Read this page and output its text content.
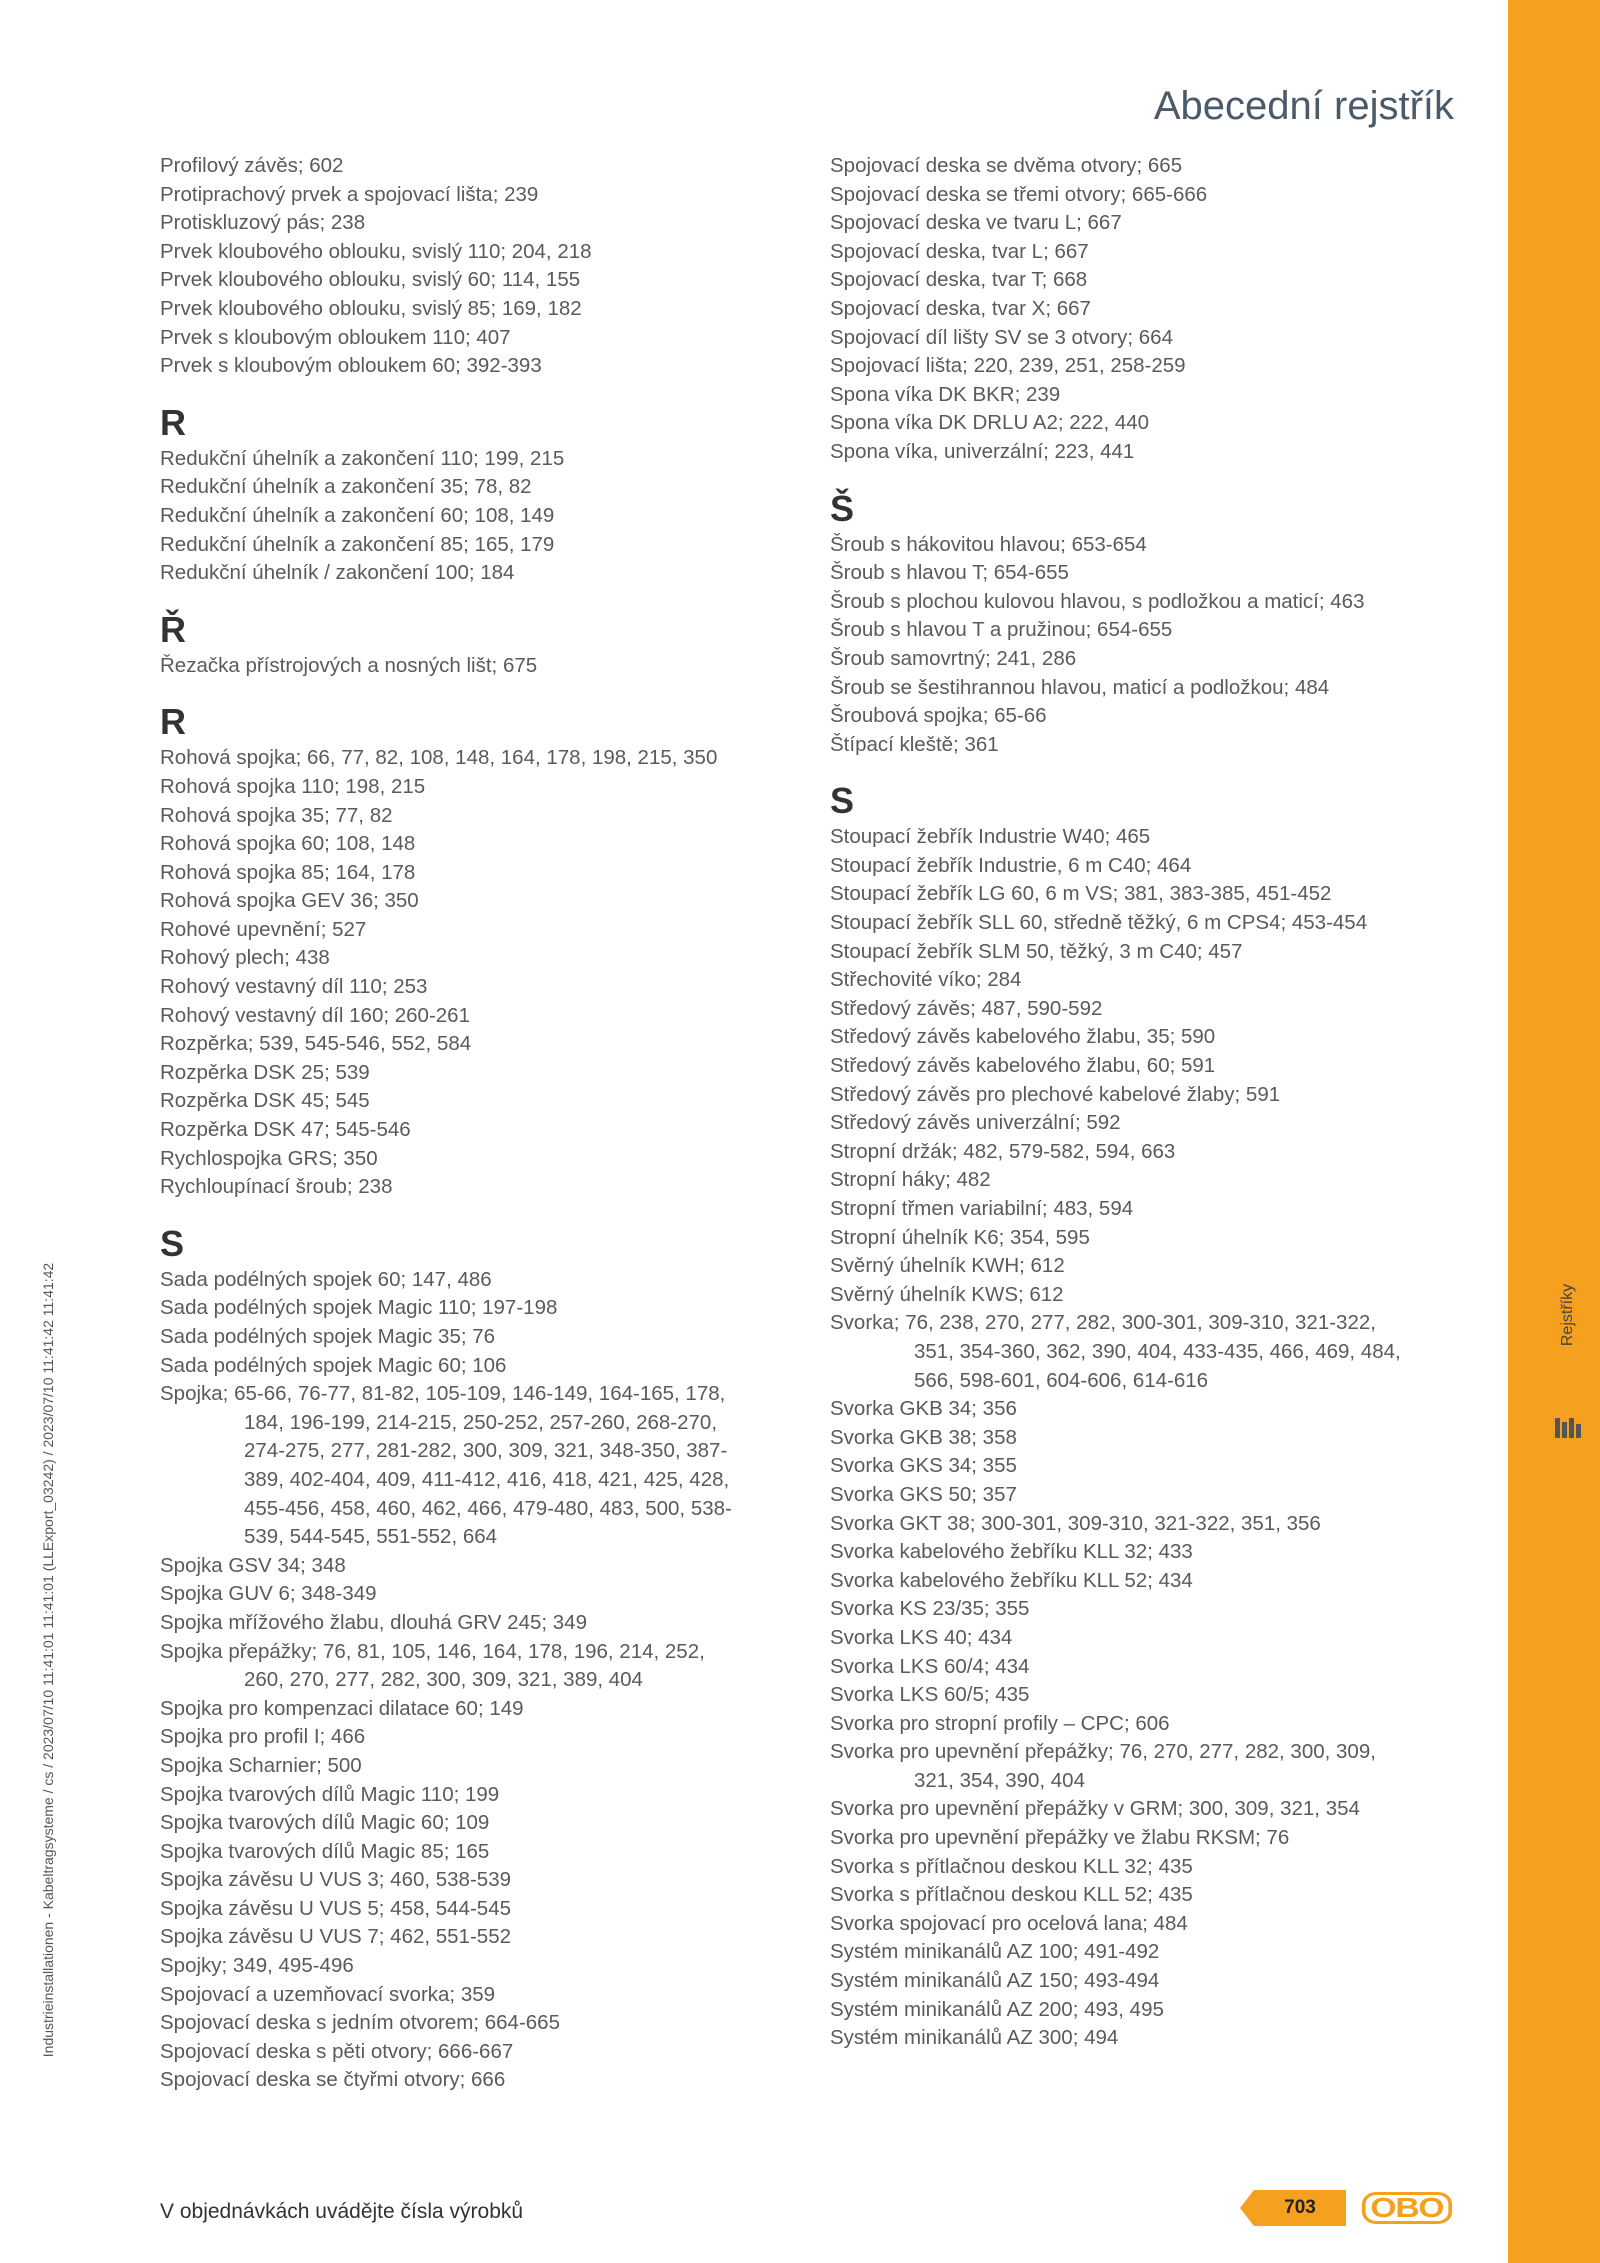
Rejstříky
Abecední rejstřík
Profilový závěs; 602
Protiprachový prvek a spojovací lišta; 239
Protiskluzový pás; 238
Prvek kloubového oblouku, svislý 110; 204, 218
Prvek kloubového oblouku, svislý 60; 114, 155
Prvek kloubového oblouku, svislý 85; 169, 182
Prvek s kloubovým obloukem 110; 407
Prvek s kloubovým obloukem 60; 392-393
R
Redukční úhelník a zakončení 110; 199, 215
Redukční úhelník a zakončení 35; 78, 82
Redukční úhelník a zakončení 60; 108, 149
Redukční úhelník a zakončení 85; 165, 179
Redukční úhelník / zakončení 100; 184
Ř
Řezačka přístrojových a nosných lišt; 675
R
Rohová spojka; 66, 77, 82, 108, 148, 164, 178, 198, 215, 350
Rohová spojka 110; 198, 215
Rohová spojka 35; 77, 82
Rohová spojka 60; 108, 148
Rohová spojka 85; 164, 178
Rohová spojka GEV 36; 350
Rohové upevnění; 527
Rohový plech; 438
Rohový vestavný díl 110; 253
Rohový vestavný díl 160; 260-261
Rozpěrka; 539, 545-546, 552, 584
Rozpěrka DSK 25; 539
Rozpěrka DSK 45; 545
Rozpěrka DSK 47; 545-546
Rychlospojka GRS; 350
Rychloupínací šroub; 238
S
Sada podélných spojek 60; 147, 486
Sada podélných spojek Magic 110; 197-198
Sada podélných spojek Magic 35; 76
Sada podélných spojek Magic 60; 106
Spojka; 65-66, 76-77, 81-82, 105-109, 146-149, 164-165, 178,
184, 196-199, 214-215, 250-252, 257-260, 268-270,
274-275, 277, 281-282, 300, 309, 321, 348-350, 387-
389, 402-404, 409, 411-412, 416, 418, 421, 425, 428,
455-456, 458, 460, 462, 466, 479-480, 483, 500, 538-
539, 544-545, 551-552, 664
Spojka GSV 34; 348
Spojka GUV 6; 348-349
Spojka mřížového žlabu, dlouhá GRV 245; 349
Spojka přepážky; 76, 81, 105, 146, 164, 178, 196, 214, 252,
260, 270, 277, 282, 300, 309, 321, 389, 404
Spojka pro kompenzaci dilatace 60; 149
Spojka pro profil I; 466
Spojka Scharnier; 500
Spojka tvarových dílů Magic 110; 199
Spojka tvarových dílů Magic 60; 109
Spojka tvarových dílů Magic 85; 165
Spojka závěsu U VUS 3; 460, 538-539
Spojka závěsu U VUS 5; 458, 544-545
Spojka závěsu U VUS 7; 462, 551-552
Spojky; 349, 495-496
Spojovací a uzemňovací svorka; 359
Spojovací deska s jedním otvorem; 664-665
Spojovací deska s pěti otvory; 666-667
Spojovací deska se čtyřmi otvory; 666
Spojovací deska se dvěma otvory; 665
Spojovací deska se třemi otvory; 665-666
Spojovací deska ve tvaru L; 667
Spojovací deska, tvar L; 667
Spojovací deska, tvar T; 668
Spojovací deska, tvar X; 667
Spojovací díl lišty SV se 3 otvory; 664
Spojovací lišta; 220, 239, 251, 258-259
Spona víka DK BKR; 239
Spona víka DK DRLU A2; 222, 440
Spona víka, univerzální; 223, 441
Š
Šroub s hákovitou hlavou; 653-654
Šroub s hlavou T; 654-655
Šroub s plochou kulovou hlavou, s podložkou a maticí; 463
Šroub s hlavou T a pružinou; 654-655
Šroub samovrtný; 241, 286
Šroub se šestihrannou hlavou, maticí a podložkou; 484
Šroubová spojka; 65-66
Štípací kleště; 361
S
Stoupací žebřík Industrie W40; 465
Stoupací žebřík Industrie, 6 m C40; 464
Stoupací žebřík LG 60, 6 m VS; 381, 383-385, 451-452
Stoupací žebřík SLL 60, středně těžký, 6 m CPS4; 453-454
Stoupací žebřík SLM 50, těžký, 3 m C40; 457
Střechovité víko; 284
Středový závěs; 487, 590-592
Středový závěs kabelového žlabu, 35; 590
Středový závěs kabelového žlabu, 60; 591
Středový závěs pro plechové kabelové žlaby; 591
Středový závěs univerzální; 592
Stropní držák; 482, 579-582, 594, 663
Stropní háky; 482
Stropní třmen variabilní; 483, 594
Stropní úhelník K6; 354, 595
Svěrný úhelník KWH; 612
Svěrný úhelník KWS; 612
Svorka; 76, 238, 270, 277, 282, 300-301, 309-310, 321-322,
351, 354-360, 362, 390, 404, 433-435, 466, 469, 484,
566, 598-601, 604-606, 614-616
Svorka GKB 34; 356
Svorka GKB 38; 358
Svorka GKS 34; 355
Svorka GKS 50; 357
Svorka GKT 38; 300-301, 309-310, 321-322, 351, 356
Svorka kabelového žebříku KLL 32; 433
Svorka kabelového žebříku KLL 52; 434
Svorka KS 23/35; 355
Svorka LKS 40; 434
Svorka LKS 60/4; 434
Svorka LKS 60/5; 435
Svorka pro stropní profily – CPC; 606
Svorka pro upevnění přepážky; 76, 270, 277, 282, 300, 309,
321, 354, 390, 404
Svorka pro upevnění přepážky v GRM; 300, 309, 321, 354
Svorka pro upevnění přepážky ve žlabu RKSM; 76
Svorka s přítlačnou deskou KLL 32; 435
Svorka s přítlačnou deskou KLL 52; 435
Svorka spojovací pro ocelová lana; 484
Systém minikanálů AZ 100; 491-492
Systém minikanálů AZ 150; 493-494
Systém minikanálů AZ 200; 493, 495
Systém minikanálů AZ 300; 494
Industrieinstallationen - Kabeltragsysteme / cs / 2023/07/10 11:41:01 11:41:01 (LLExport_03242) / 2023/07/10 11:41:42 11:41:42
V objednávkách uvádějte čísla výrobků	703	OBO
